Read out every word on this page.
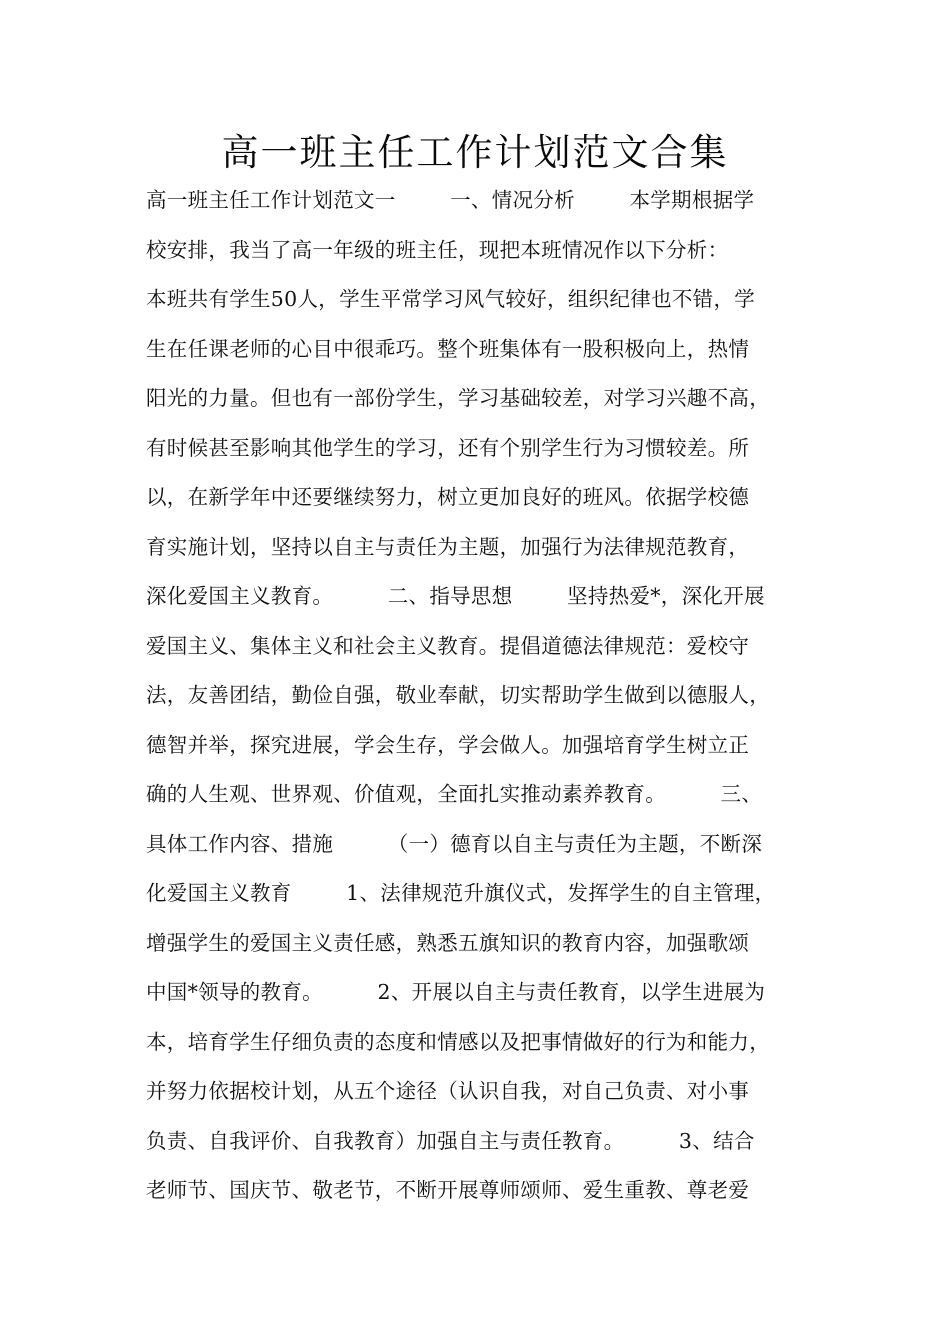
高一班主任工作计划范文合集
高一班主任工作计划范文一        一、情况分析        本学期根据学
校安排，我当了高一年级的班主任，现把本班情况作以下分析：
本班共有学生50人，学生平常学习风气较好，组织纪律也不错，学
生在任课老师的心目中很乖巧。整个班集体有一股积极向上，热情
阳光的力量。但也有一部份学生，学习基础较差，对学习兴趣不高，
有时候甚至影响其他学生的学习，还有个别学生行为习惯较差。所
以，在新学年中还要继续努力，树立更加良好的班风。依据学校德
育实施计划，坚持以自主与责任为主题，加强行为法律规范教育，
深化爱国主义教育。        二、指导思想        坚持热爱*，深化开展
爱国主义、集体主义和社会主义教育。提倡道德法律规范：爱校守
法，友善团结，勤俭自强，敬业奉献，切实帮助学生做到以德服人，
德智并举，探究进展，学会生存，学会做人。加强培育学生树立正
确的人生观、世界观、价值观，全面扎实推动素养教育。        三、
具体工作内容、措施        （一）德育以自主与责任为主题，不断深
化爱国主义教育        1、法律规范升旗仪式，发挥学生的自主管理，
增强学生的爱国主义责任感，熟悉五旗知识的教育内容，加强歌颂
中国*领导的教育。        2、开展以自主与责任教育，以学生进展为
本，培育学生仔细负责的态度和情感以及把事情做好的行为和能力，
并努力依据校计划，从五个途径（认识自我，对自己负责、对小事
负责、自我评价、自我教育）加强自主与责任教育。        3、结合
老师节、国庆节、敬老节，不断开展尊师颂师、爱生重教、尊老爱
